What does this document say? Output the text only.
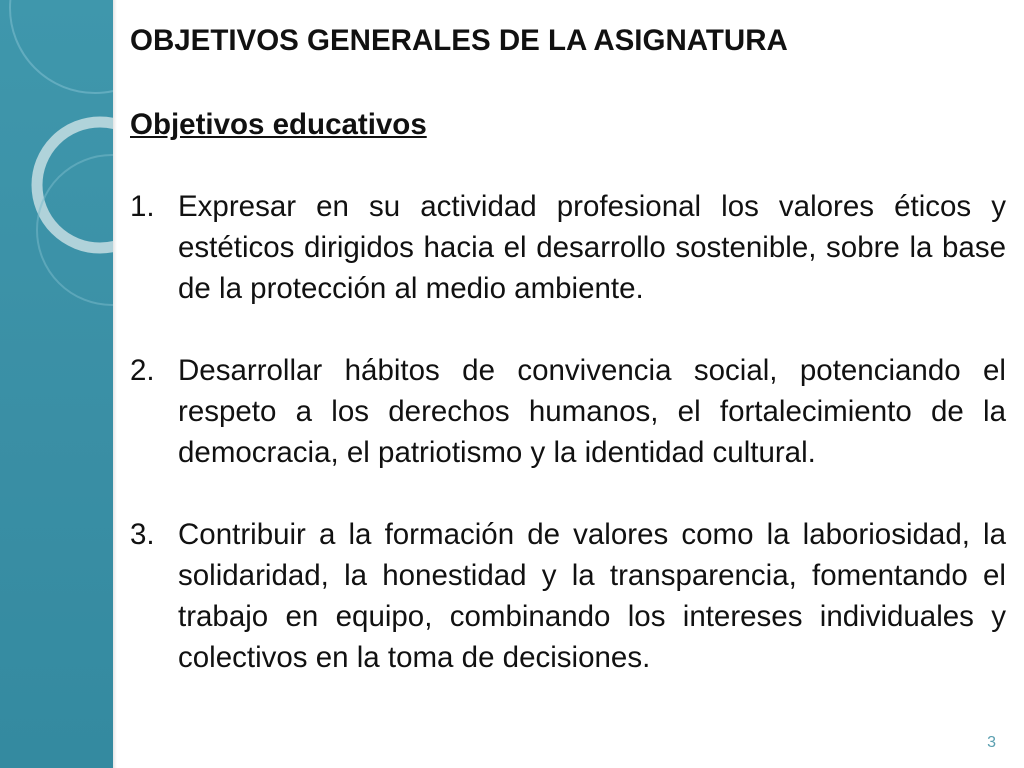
OBJETIVOS GENERALES DE LA ASIGNATURA
Objetivos educativos
1. Expresar en su actividad profesional los valores éticos y estéticos dirigidos hacia el desarrollo sostenible, sobre la base de la protección al medio ambiente.
2. Desarrollar hábitos de convivencia social, potenciando el respeto a los derechos humanos, el fortalecimiento de la democracia, el patriotismo y la identidad cultural.
3. Contribuir a la formación de valores como la laboriosidad, la solidaridad, la honestidad y la transparencia, fomentando el trabajo en equipo, combinando los intereses individuales y colectivos en la toma de decisiones.
3
